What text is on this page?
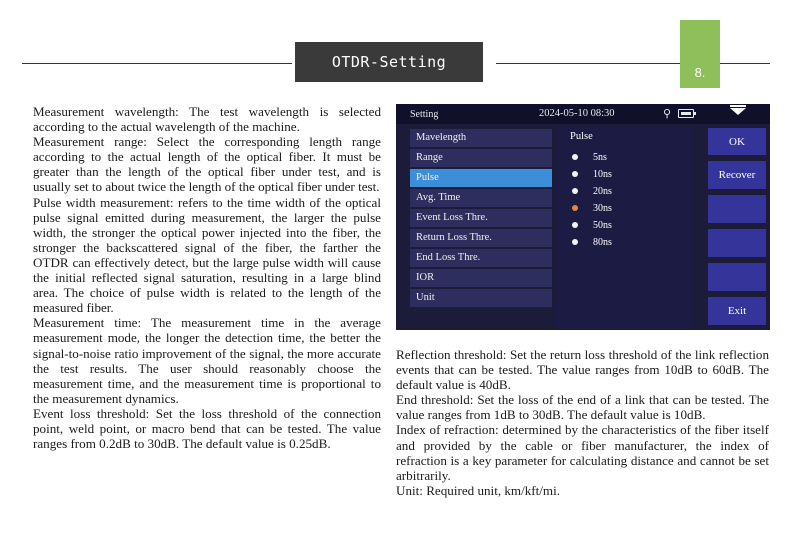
OTDR-Setting
8.

Measurement wavelength: The test wavelength is selected according to the actual wavelength of the machine.

Measurement range: Select the corresponding length range according to the actual length of the optical fiber. It must be greater than the length of the optical fiber under test, and is usually set to about twice the length of the optical fiber under test.

Pulse width measurement: refers to the time width of the optical pulse signal emitted during measurement, the larger the pulse width, the stronger the optical power injected into the fiber, the stronger the backscattered signal of the fiber, the farther the OTDR can effectively detect, but the large pulse width will cause the initial reflected signal saturation, resulting in a large blind area. The choice of pulse width is related to the length of the measured fiber.

Measurement time: The measurement time in the average measurement mode, the longer the detection time, the better the signal-to-noise ratio improvement of the signal, the more accurate the test results. The user should reasonably choose the measurement time, and the measurement time is proportional to the measurement dynamics.

Event loss threshold: Set the loss threshold of the connection point, weld point, or macro bend that can be tested. The value ranges from 0.2dB to 30dB. The default value is 0.25dB.

Setting	2024-05-10 08:30	⚲
Mavelength
Range
Pulse
Avg. Time
Event Loss Thre.
Return Loss Thre.
End Loss Thre.
IOR
Unit
Pulse
5ns
10ns
20ns
30ns
50ns
80ns
OK
Recover
Exit

Reflection threshold: Set the return loss threshold of the link reflection events that can be tested. The value ranges from 10dB to 60dB. The default value is 40dB.

End threshold: Set the loss of the end of a link that can be tested. The value ranges from 1dB to 30dB. The default value is 10dB.

Index of refraction: determined by the characteristics of the fiber itself and provided by the cable or fiber manufacturer, the index of refraction is a key parameter for calculating distance and cannot be set arbitrarily.

Unit: Required unit, km/kft/mi.
